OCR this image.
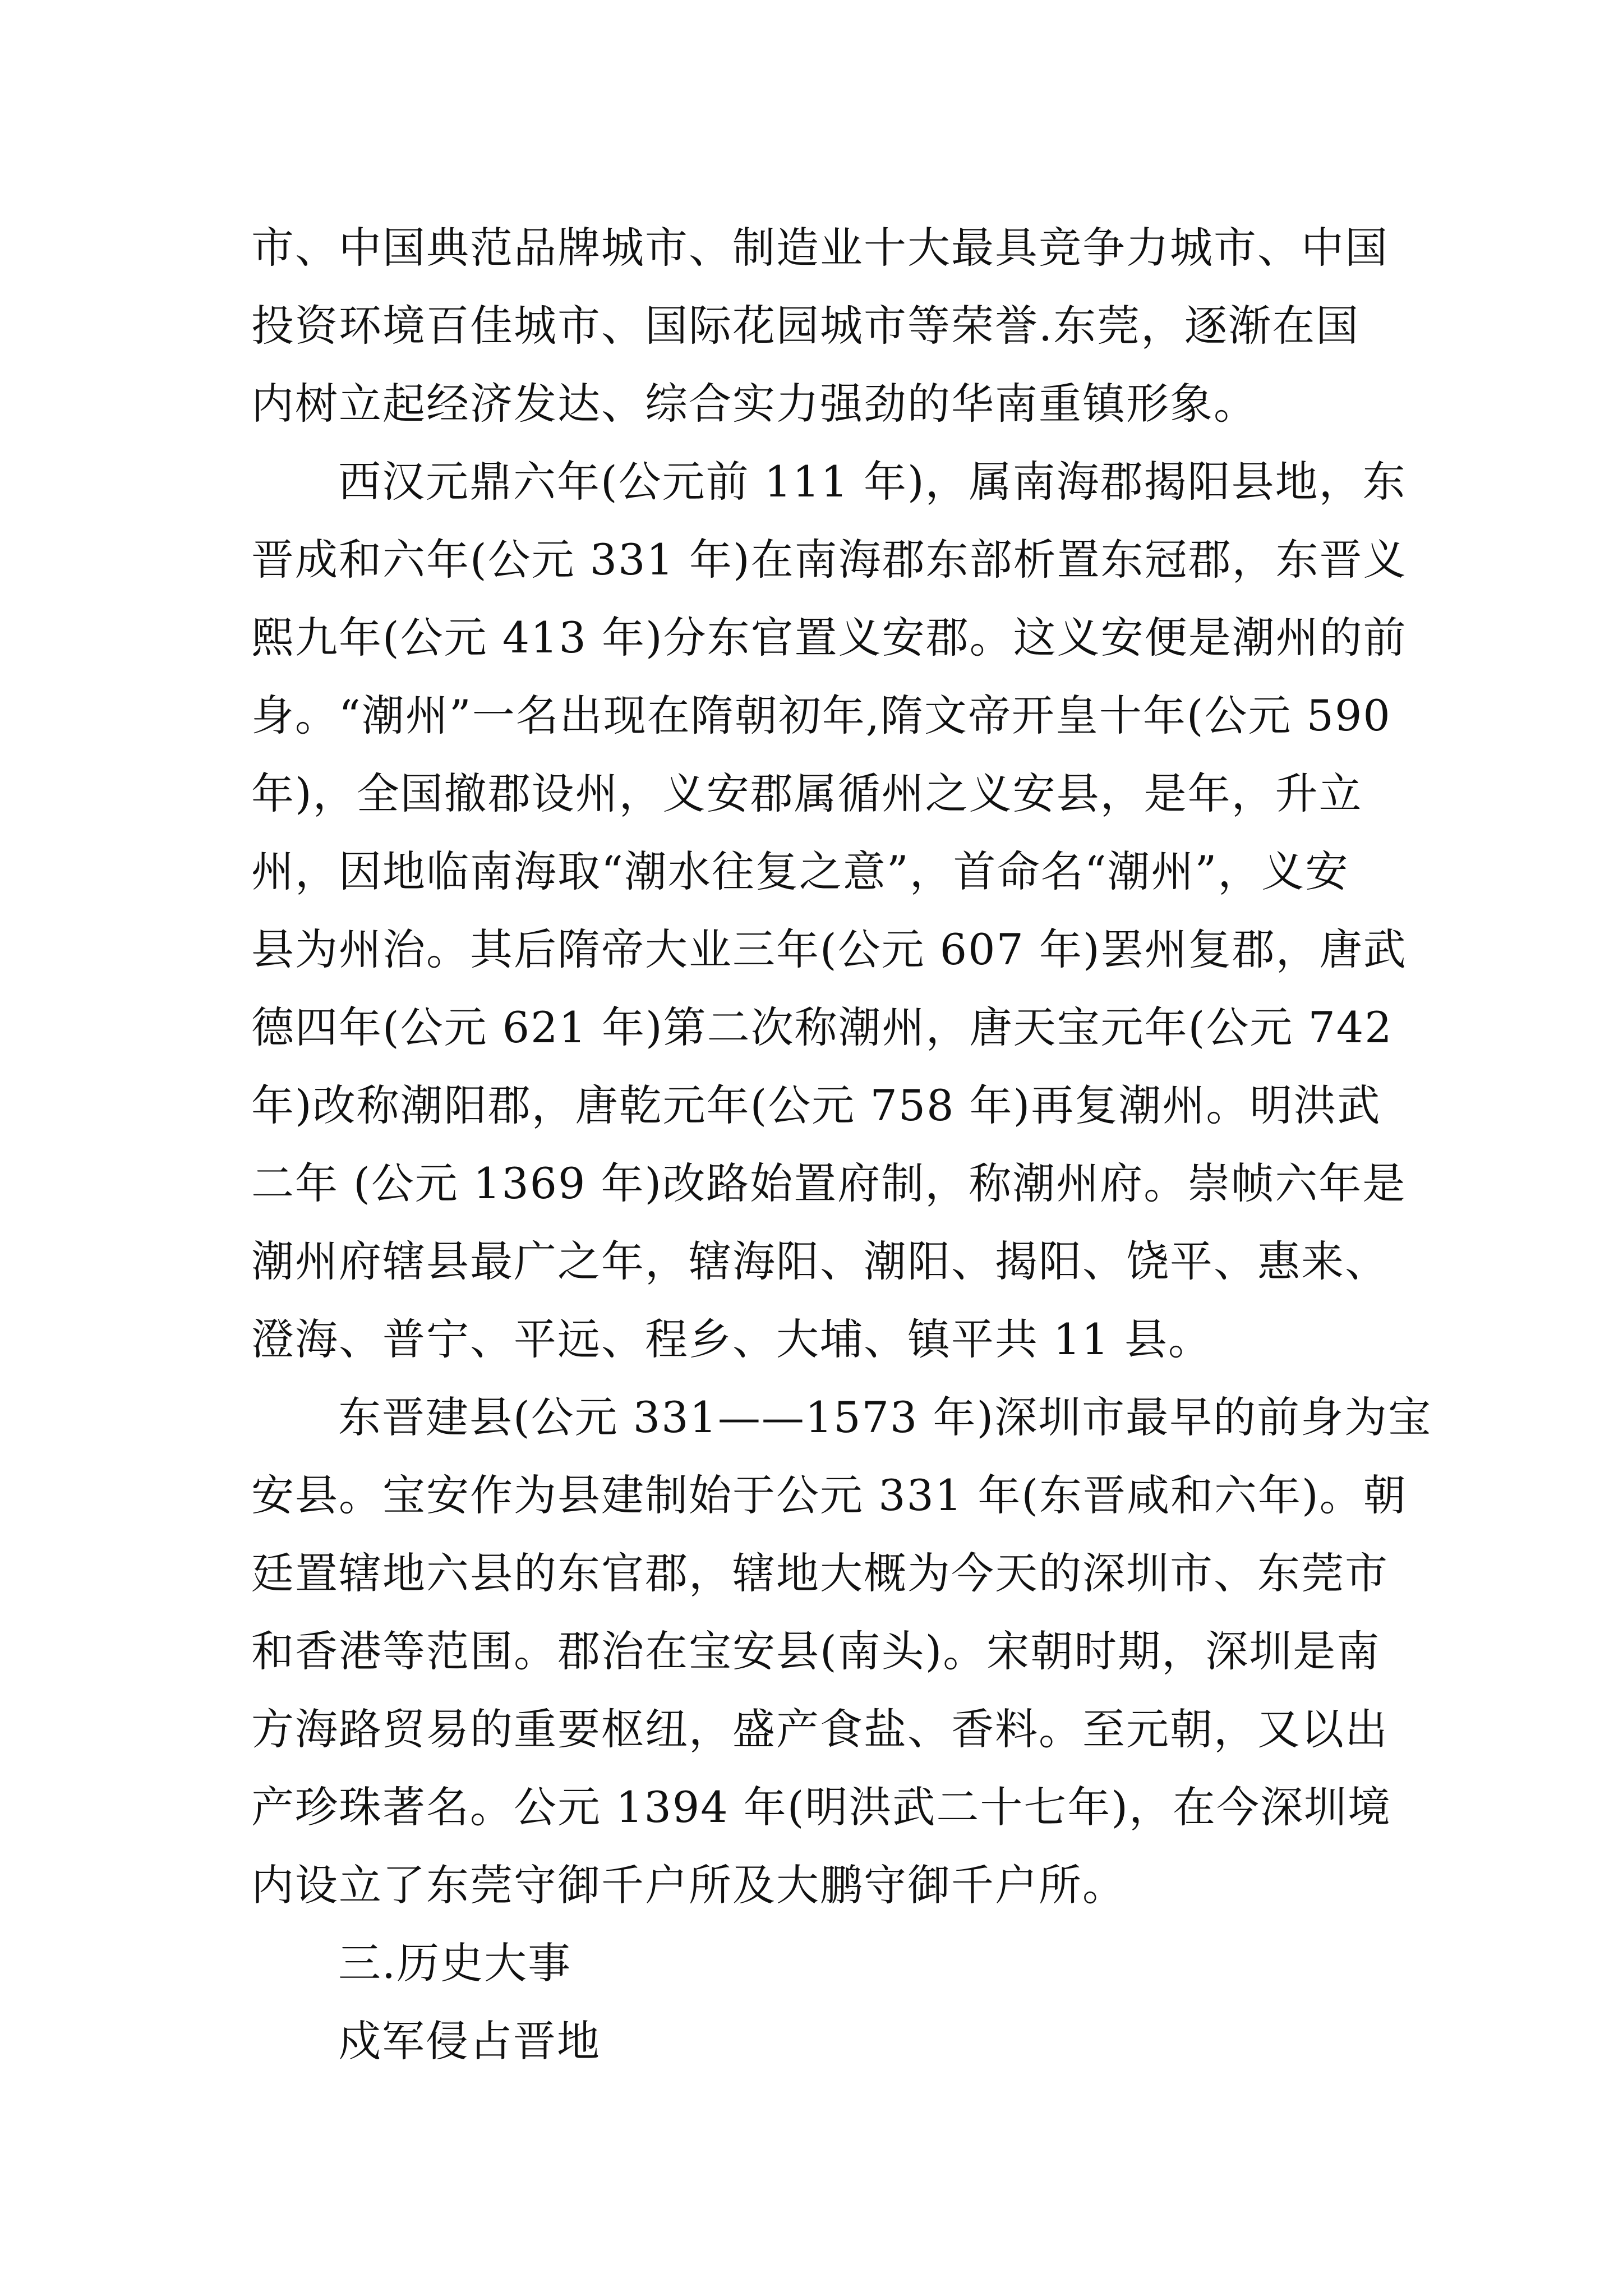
市、中国典范品牌城市、制造业十大最具竞争力城市、中国
投资环境百佳城市、国际花园城市等荣誉.东莞，逐渐在国
内树立起经济发达、综合实力强劲的华南重镇形象。
西汉元鼎六年(公元前 111 年)，属南海郡揭阳县地，东
晋成和六年(公元 331 年)在南海郡东部析置东冠郡，东晋义
熙九年(公元 413 年)分东官置义安郡。这义安便是潮州的前
身。“潮州”一名出现在隋朝初年,隋文帝开皇十年(公元 590
年)，全国撤郡设州，义安郡属循州之义安县，是年，升立
州，因地临南海取“潮水往复之意”，首命名“潮州”，义安
县为州治。其后隋帝大业三年(公元 607 年)罢州复郡，唐武
德四年(公元 621 年)第二次称潮州，唐天宝元年(公元 742
年)改称潮阳郡，唐乾元年(公元 758 年)再复潮州。明洪武
二年 (公元 1369 年)改路始置府制，称潮州府。崇帧六年是
潮州府辖县最广之年，辖海阳、潮阳、揭阳、饶平、惠来、
澄海、普宁、平远、程乡、大埔、镇平共 11 县。
东晋建县(公元 331——1573 年)深圳市最早的前身为宝
安县。宝安作为县建制始于公元 331 年(东晋咸和六年)。朝
廷置辖地六县的东官郡，辖地大概为今天的深圳市、东莞市
和香港等范围。郡治在宝安县(南头)。宋朝时期，深圳是南
方海路贸易的重要枢纽，盛产食盐、香料。至元朝，又以出
产珍珠著名。公元 1394 年(明洪武二十七年)，在今深圳境
内设立了东莞守御千户所及大鹏守御千户所。
三.历史大事
戍军侵占晋地
